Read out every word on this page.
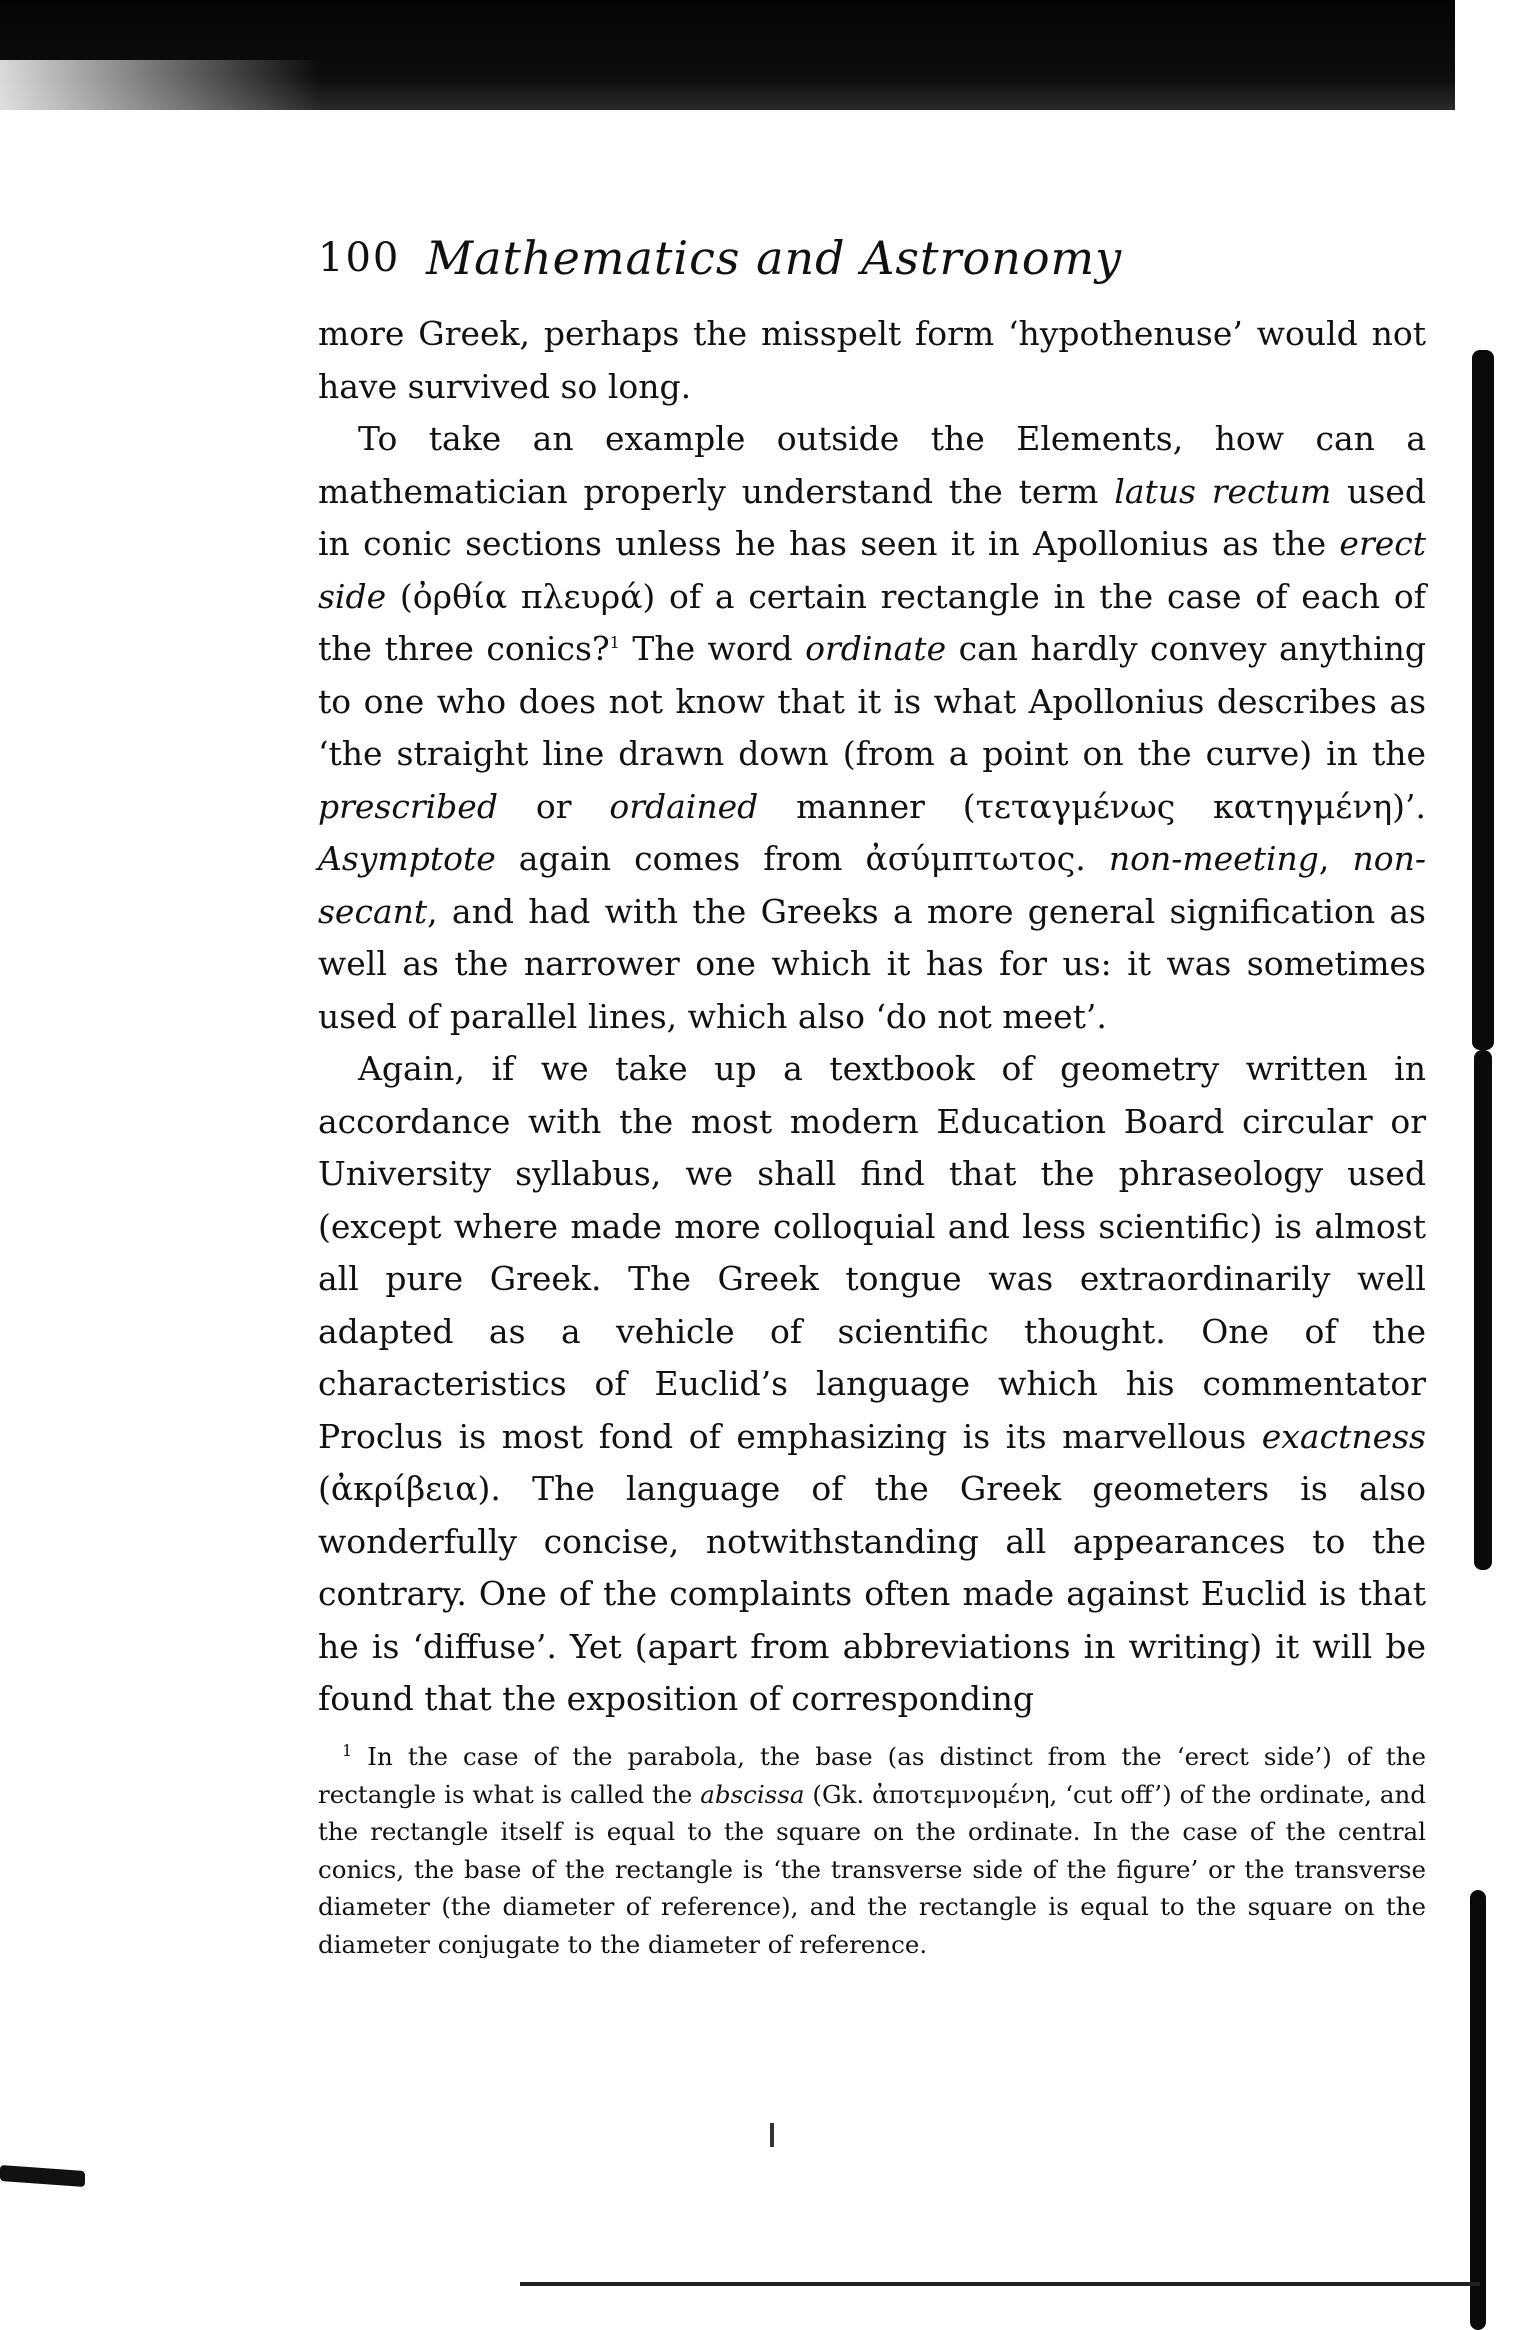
100 Mathematics and Astronomy

more Greek, perhaps the misspelt form ‘hypothenuse’ would not have survived so long.

To take an example outside the Elements, how can a mathematician properly understand the term latus rectum used in conic sections unless he has seen it in Apollonius as the erect side (ὀρθία πλευρά) of a certain rectangle in the case of each of the three conics?$^1$ The word ordinate can hardly convey anything to one who does not know that it is what Apollonius describes as ‘the straight line drawn down (from a point on the curve) in the prescribed or ordained manner (τεταγμένως κατηγμένη)’. Asymptote again comes from ἀσύμπτωτος. non-meeting, non-secant, and had with the Greeks a more general signification as well as the narrower one which it has for us: it was sometimes used of parallel lines, which also ‘do not meet’.

Again, if we take up a textbook of geometry written in accordance with the most modern Education Board circular or University syllabus, we shall find that the phraseology used (except where made more colloquial and less scientific) is almost all pure Greek. The Greek tongue was extraordinarily well adapted as a vehicle of scientific thought. One of the characteristics of Euclid’s language which his commentator Proclus is most fond of emphasizing is its marvellous exactness (ἀκρίβεια). The language of the Greek geometers is also wonderfully concise, notwithstanding all appearances to the contrary. One of the complaints often made against Euclid is that he is ‘diffuse’. Yet (apart from abbreviations in writing) it will be found that the exposition of corresponding

$^1$ In the case of the parabola, the base (as distinct from the ‘erect side’) of the rectangle is what is called the abscissa (Gk. ἀποτεμνομένη, ‘cut off’) of the ordinate, and the rectangle itself is equal to the square on the ordinate. In the case of the central conics, the base of the rectangle is ‘the transverse side of the figure’ or the transverse diameter (the diameter of reference), and the rectangle is equal to the square on the diameter conjugate to the diameter of reference.
